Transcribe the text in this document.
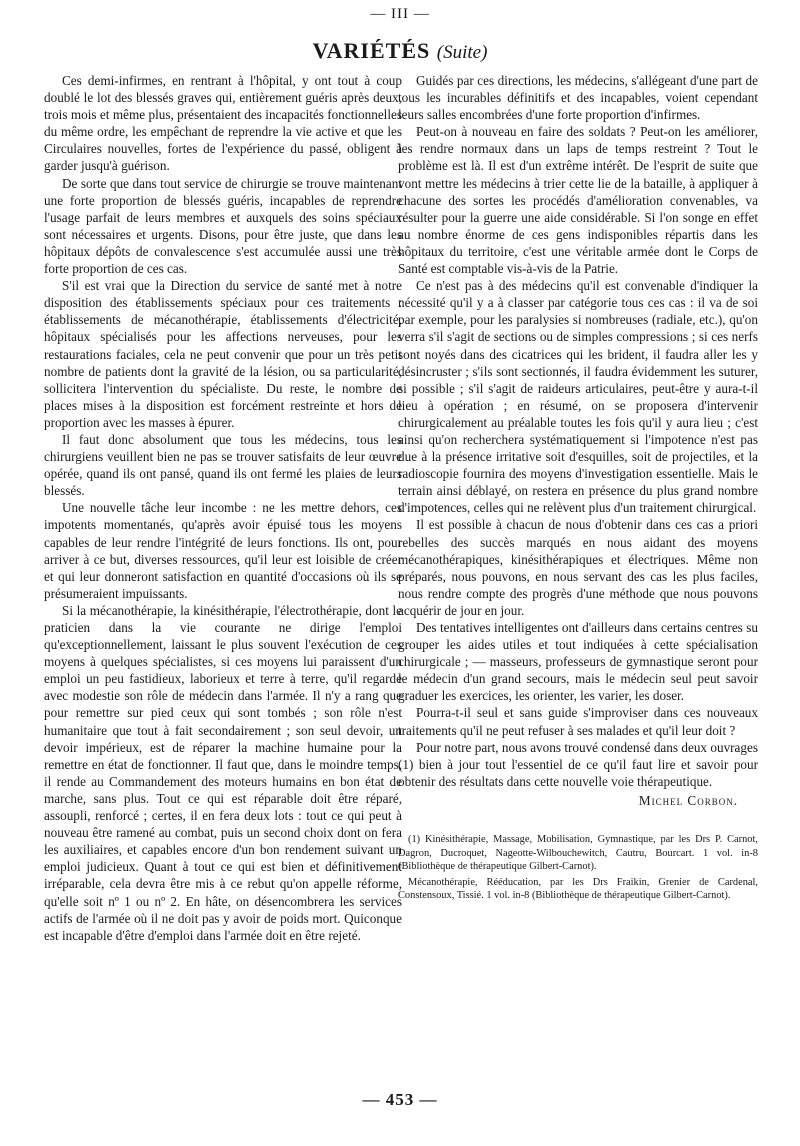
— III —
VARIÉTÉS (Suite)

Ces demi-infirmes, en rentrant à l'hôpital, y ont tout à coup doublé le lot des blessés graves qui, entièrement guéris après deux, trois mois et même plus, présentaient des incapacités fonctionnelles du même ordre, les empêchant de reprendre la vie active et que les Circulaires nouvelles, fortes de l'expérience du passé, obligent à garder jusqu'à guérison.

De sorte que dans tout service de chirurgie se trouve maintenant une forte proportion de blessés guéris, incapables de reprendre l'usage parfait de leurs membres et auxquels des soins spéciaux sont nécessaires et urgents. Disons, pour être juste, que dans les hôpitaux dépôts de convalescence s'est accumulée aussi une très forte proportion de ces cas.

S'il est vrai que la Direction du service de santé met à notre disposition des établissements spéciaux pour ces traitements : établissements de mécanothérapie, établissements d'électricité, hôpitaux spécialisés pour les affections nerveuses, pour les restaurations faciales, cela ne peut convenir que pour un très petit nombre de patients dont la gravité de la lésion, ou sa particularité, sollicitera l'intervention du spécialiste. Du reste, le nombre de places mises à la disposition est forcément restreinte et hors de proportion avec les masses à épurer.

Il faut donc absolument que tous les médecins, tous les chirurgiens veuillent bien ne pas se trouver satisfaits de leur œuvre opérée, quand ils ont pansé, quand ils ont fermé les plaies de leurs blessés.

Une nouvelle tâche leur incombe : ne les mettre dehors, ces impotents momentanés, qu'après avoir épuisé tous les moyens capables de leur rendre l'intégrité de leurs fonctions. Ils ont, pour arriver à ce but, diverses ressources, qu'il leur est loisible de créer et qui leur donneront satisfaction en quantité d'occasions où ils se présumeraient impuissants.

Si la mécanothérapie, la kinésithérapie, l'électrothérapie, dont le praticien dans la vie courante ne dirige l'emploi qu'exceptionnellement, laissant le plus souvent l'exécution de ces moyens à quelques spécialistes, si ces moyens lui paraissent d'un emploi un peu fastidieux, laborieux et terre à terre, qu'il regarde avec modestie son rôle de médecin dans l'armée. Il n'y a rang que pour remettre sur pied ceux qui sont tombés ; son rôle n'est humanitaire que tout à fait secondairement ; son seul devoir, un devoir impérieux, est de réparer la machine humaine pour la remettre en état de fonctionner. Il faut que, dans le moindre temps, il rende au Commandement des moteurs humains en bon état de marche, sans plus. Tout ce qui est réparable doit être réparé, assoupli, renforcé ; certes, il en fera deux lots : tout ce qui peut à nouveau être ramené au combat, puis un second choix dont on fera les auxiliaires, et capables encore d'un bon rendement suivant un emploi judicieux. Quant à tout ce qui est bien et définitivement irréparable, cela devra être mis à ce rebut qu'on appelle réforme, qu'elle soit nº 1 ou nº 2. En hâte, on désencombrera les services actifs de l'armée où il ne doit pas y avoir de poids mort. Quiconque est incapable d'être d'emploi dans l'armée doit en être rejeté.

Guidés par ces directions, les médecins, s'allégeant d'une part de tous les incurables définitifs et des incapables, voient cependant leurs salles encombrées d'une forte proportion d'infirmes.

Peut-on à nouveau en faire des soldats ? Peut-on les améliorer, les rendre normaux dans un laps de temps restreint ? Tout le problème est là. Il est d'un extrême intérêt. De l'esprit de suite que vont mettre les médecins à trier cette lie de la bataille, à appliquer à chacune des sortes les procédés d'amélioration convenables, va résulter pour la guerre une aide considérable. Si l'on songe en effet au nombre énorme de ces gens indisponibles répartis dans les hôpitaux du territoire, c'est une véritable armée dont le Corps de Santé est comptable vis-à-vis de la Patrie.

Ce n'est pas à des médecins qu'il est convenable d'indiquer la nécessité qu'il y a à classer par catégorie tous ces cas : il va de soi par exemple, pour les paralysies si nombreuses (radiale, etc.), qu'on verra s'il s'agit de sections ou de simples compressions ; si ces nerfs sont noyés dans des cicatrices qui les brident, il faudra aller les y désincruster ; s'ils sont sectionnés, il faudra évidemment les suturer, si possible ; s'il s'agit de raideurs articulaires, peut-être y aura-t-il lieu à opération ; en résumé, on se proposera d'intervenir chirurgicalement au préalable toutes les fois qu'il y aura lieu ; c'est ainsi qu'on recherchera systématiquement si l'impotence n'est pas due à la présence irritative soit d'esquilles, soit de projectiles, et la radioscopie fournira des moyens d'investigation essentielle. Mais le terrain ainsi déblayé, on restera en présence du plus grand nombre d'impotences, celles qui ne relèvent plus d'un traitement chirurgical.

Il est possible à chacun de nous d'obtenir dans ces cas a priori rebelles des succès marqués en nous aidant des moyens mécanothérapiques, kinésithérapiques et électriques. Même non préparés, nous pouvons, en nous servant des cas les plus faciles, nous rendre compte des progrès d'une méthode que nous pouvons acquérir de jour en jour.

Des tentatives intelligentes ont d'ailleurs dans certains centres su grouper les aides utiles et tout indiquées à cette spécialisation chirurgicale ; — masseurs, professeurs de gymnastique seront pour le médecin d'un grand secours, mais le médecin seul peut savoir graduer les exercices, les orienter, les varier, les doser.

Pourra-t-il seul et sans guide s'improviser dans ces nouveaux traitements qu'il ne peut refuser à ses malades et qu'il leur doit ?

Pour notre part, nous avons trouvé condensé dans deux ouvrages (1) bien à jour tout l'essentiel de ce qu'il faut lire et savoir pour obtenir des résultats dans cette nouvelle voie thérapeutique.

Michel Corbon.

(1) Kinésithérapie, Massage, Mobilisation, Gymnastique, par les Drs P. Carnot, Dagron, Ducroquet, Nageotte-Wilbouchewitch, Cautru, Bourcart. 1 vol. in-8 (Bibliothèque de thérapeutique Gilbert-Carnot).

Mécanothérapie, Rééducation, par les Drs Fraikin, Grenier de Cardenal, Constensoux, Tissié. 1 vol. in-8 (Bibliothèque de thérapeutique Gilbert-Carnot).

— 453 —
